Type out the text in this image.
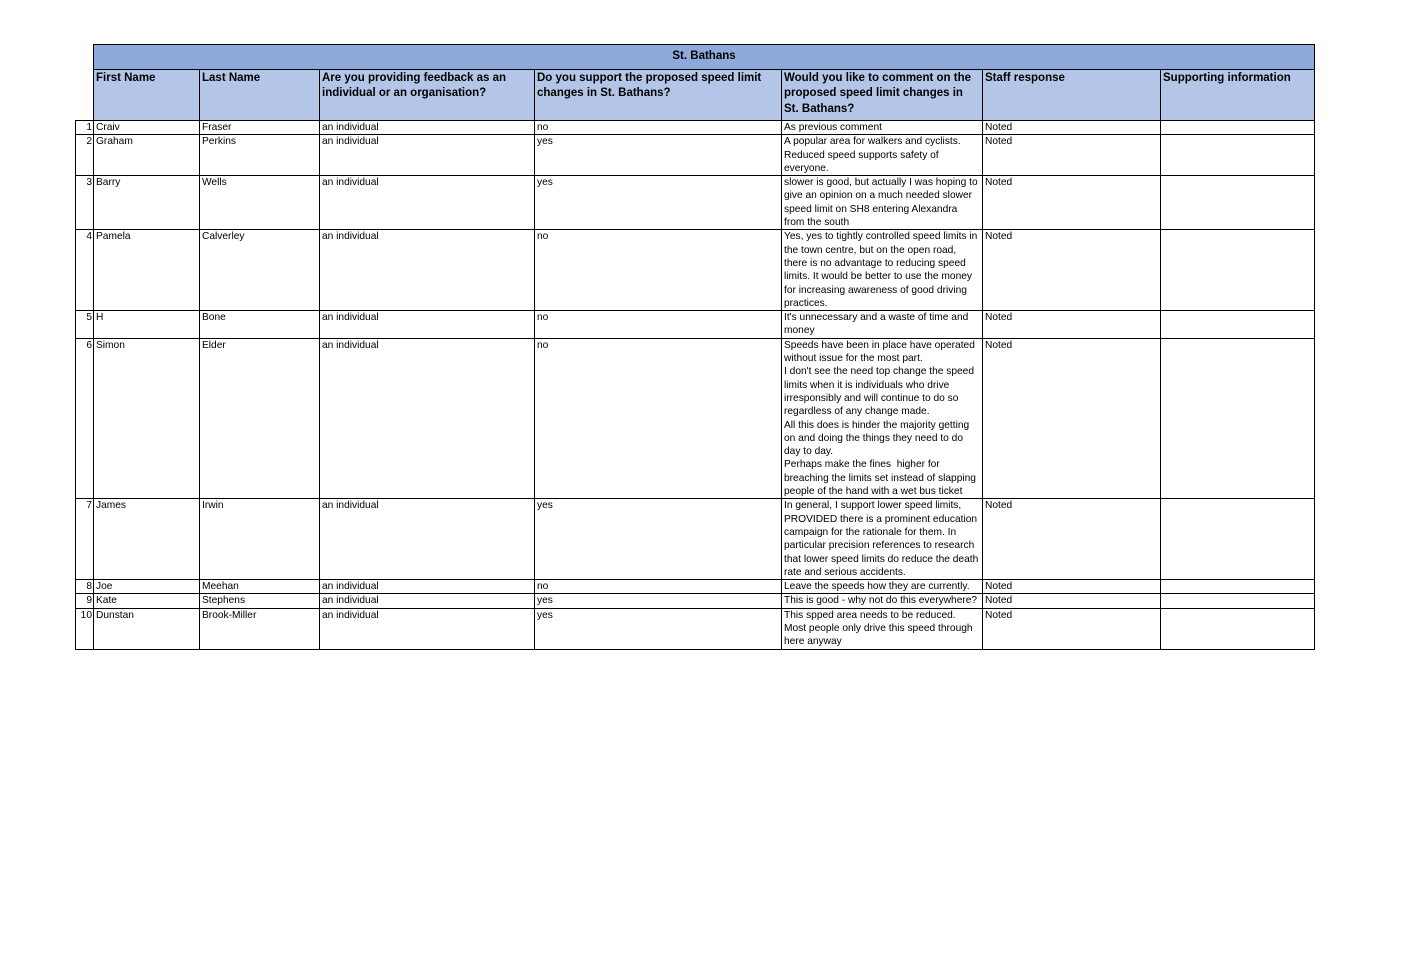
	St. Bathans						
	First Name	Last Name	Are you providing feedback as an individual or an organisation?	Do you support the proposed speed limit changes in St. Bathans?	Would you like to comment on the proposed speed limit changes in St. Bathans?	Staff response	Supporting information
1	Craiv	Fraser	an individual	no	As previous comment	Noted	
2	Graham	Perkins	an individual	yes	A popular area for walkers and cyclists. Reduced speed supports safety of everyone.	Noted	
3	Barry	Wells	an individual	yes	slower is good, but actually I was hoping to give an opinion on a much needed slower speed limit on SH8 entering Alexandra from the south	Noted	
4	Pamela	Calverley	an individual	no	Yes, yes to tightly controlled speed limits in the town centre, but on the open road, there is no advantage to reducing speed limits. It would be better to use the money for increasing awareness of good driving practices.	Noted	
5	H	Bone	an individual	no	It's unnecessary and a waste of time and money	Noted	
6	Simon	Elder	an individual	no	Speeds have been in place have operated without issue for the most part.
I don't see the need top change the speed limits when it is individuals who drive irresponsibly and will continue to do so regardless of any change made.
All this does is hinder the majority getting on and doing the things they need to do day to day.
Perhaps make the fines  higher for breaching the limits set instead of slapping people of the hand with a wet bus ticket	Noted	
7	James	Irwin	an individual	yes	In general, I support lower speed limits, PROVIDED there is a prominent education campaign for the rationale for them. In particular precision references to research that lower speed limits do reduce the death rate and serious accidents.	Noted	
8	Joe	Meehan	an individual	no	Leave the speeds how they are currently.	Noted	
9	Kate	Stephens	an individual	yes	This is good - why not do this everywhere?	Noted	
10	Dunstan	Brook-Miller	an individual	yes	This spped area needs to be reduced. Most people only drive this speed through here anyway	Noted	
